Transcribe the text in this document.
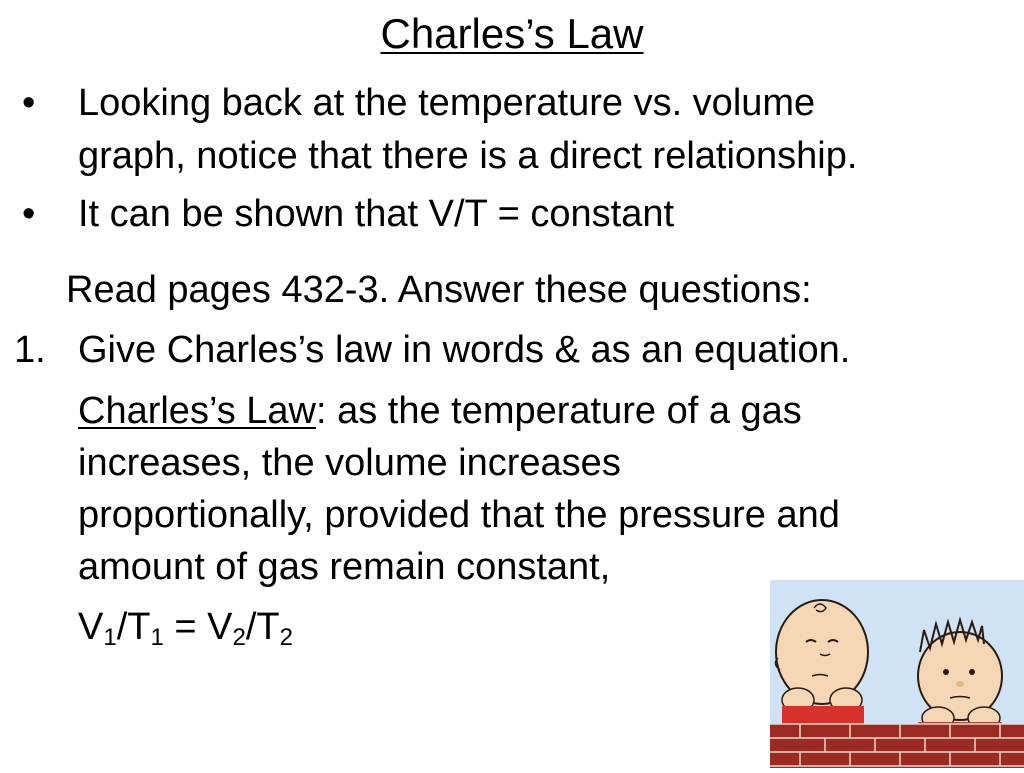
Charles’s Law
• Looking back at the temperature vs. volume
graph, notice that there is a direct relationship.
• It can be shown that V/T = constant
Read pages 432-3. Answer these questions:
1. Give Charles’s law in words & as an equation.
Charles’s Law: as the temperature of a gas
increases, the volume increases
proportionally, provided that the pressure and
amount of gas remain constant,
$V_1/T_1 = V_2/T_2$
